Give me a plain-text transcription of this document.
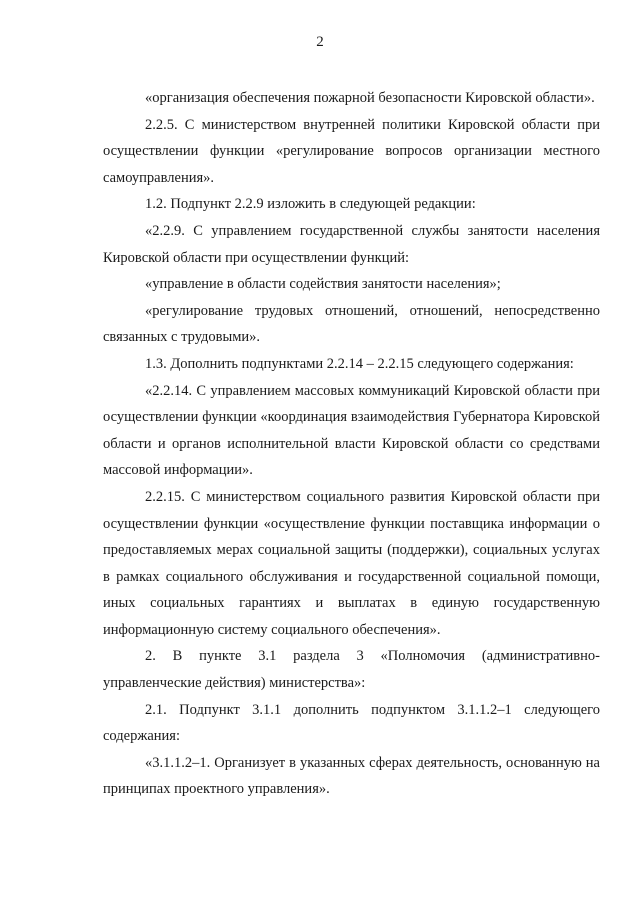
2

«организация обеспечения пожарной безопасности Кировской области».

2.2.5. С министерством внутренней политики Кировской области при осуществлении функции «регулирование вопросов организации местного самоуправления».

1.2. Подпункт 2.2.9 изложить в следующей редакции:

«2.2.9. С управлением государственной службы занятости населения Кировской области при осуществлении функций:

«управление в области содействия занятости населения»;

«регулирование трудовых отношений, отношений, непосредственно связанных с трудовыми».

1.3. Дополнить подпунктами 2.2.14 – 2.2.15 следующего содержания:

«2.2.14. С управлением массовых коммуникаций Кировской области при осуществлении функции «координация взаимодействия Губернатора Кировской области и органов исполнительной власти Кировской области со средствами массовой информации».

2.2.15. С министерством социального развития Кировской области при осуществлении функции «осуществление функции поставщика информации о предоставляемых мерах социальной защиты (поддержки), социальных услугах в рамках социального обслуживания и государственной социальной помощи, иных социальных гарантиях и выплатах в единую государственную информационную систему социального обеспечения».

2. В пункте 3.1 раздела 3 «Полномочия (административно-управленческие действия) министерства»:

2.1. Подпункт 3.1.1 дополнить подпунктом 3.1.1.2–1 следующего содержания:

«3.1.1.2–1. Организует в указанных сферах деятельность, основанную на принципах проектного управления».
